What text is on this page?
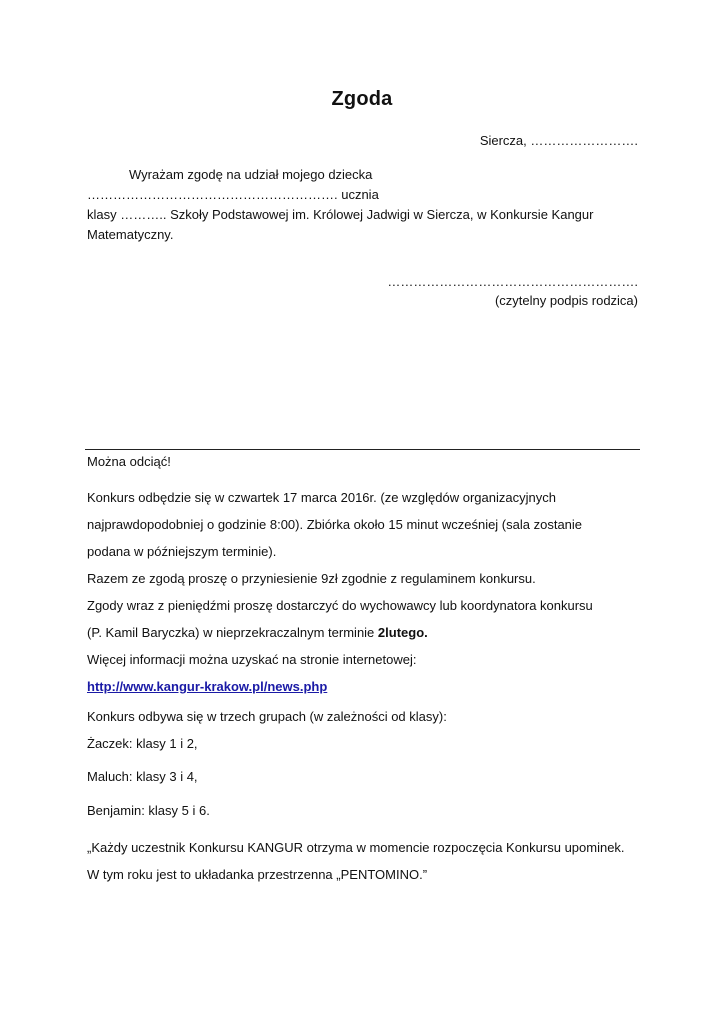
Zgoda
Siercza, …………………….
Wyrażam zgodę na udział mojego dziecka …………………………………………………. ucznia
klasy ……….. Szkoły Podstawowej im. Królowej Jadwigi w Siercza, w Konkursie Kangur
Matematyczny.
………………………………………………….
(czytelny podpis rodzica)
Można odciąć!
Konkurs odbędzie się w czwartek 17 marca 2016r. (ze względów organizacyjnych
najprawdopodobniej o godzinie 8:00). Zbiórka około 15 minut wcześniej (sala zostanie
podana w późniejszym terminie).
Razem ze zgodą proszę o przyniesienie 9zł zgodnie z regulaminem konkursu.
Zgody wraz z pieniędźmi proszę dostarczyć do wychowawcy lub koordynatora konkursu
(P. Kamil Baryczka) w nieprzekraczalnym terminie 2lutego.
Więcej informacji można uzyskać na stronie internetowej:
http://www.kangur-krakow.pl/news.php
Konkurs odbywa się w trzech grupach (w zależności od klasy):
Żaczek: klasy 1 i 2,
Maluch: klasy 3 i 4,
Benjamin: klasy 5 i 6.
„Każdy uczestnik Konkursu KANGUR otrzyma w momencie rozpoczęcia Konkursu upominek.
W tym roku jest to układanka przestrzenna „PENTOMINO.”
